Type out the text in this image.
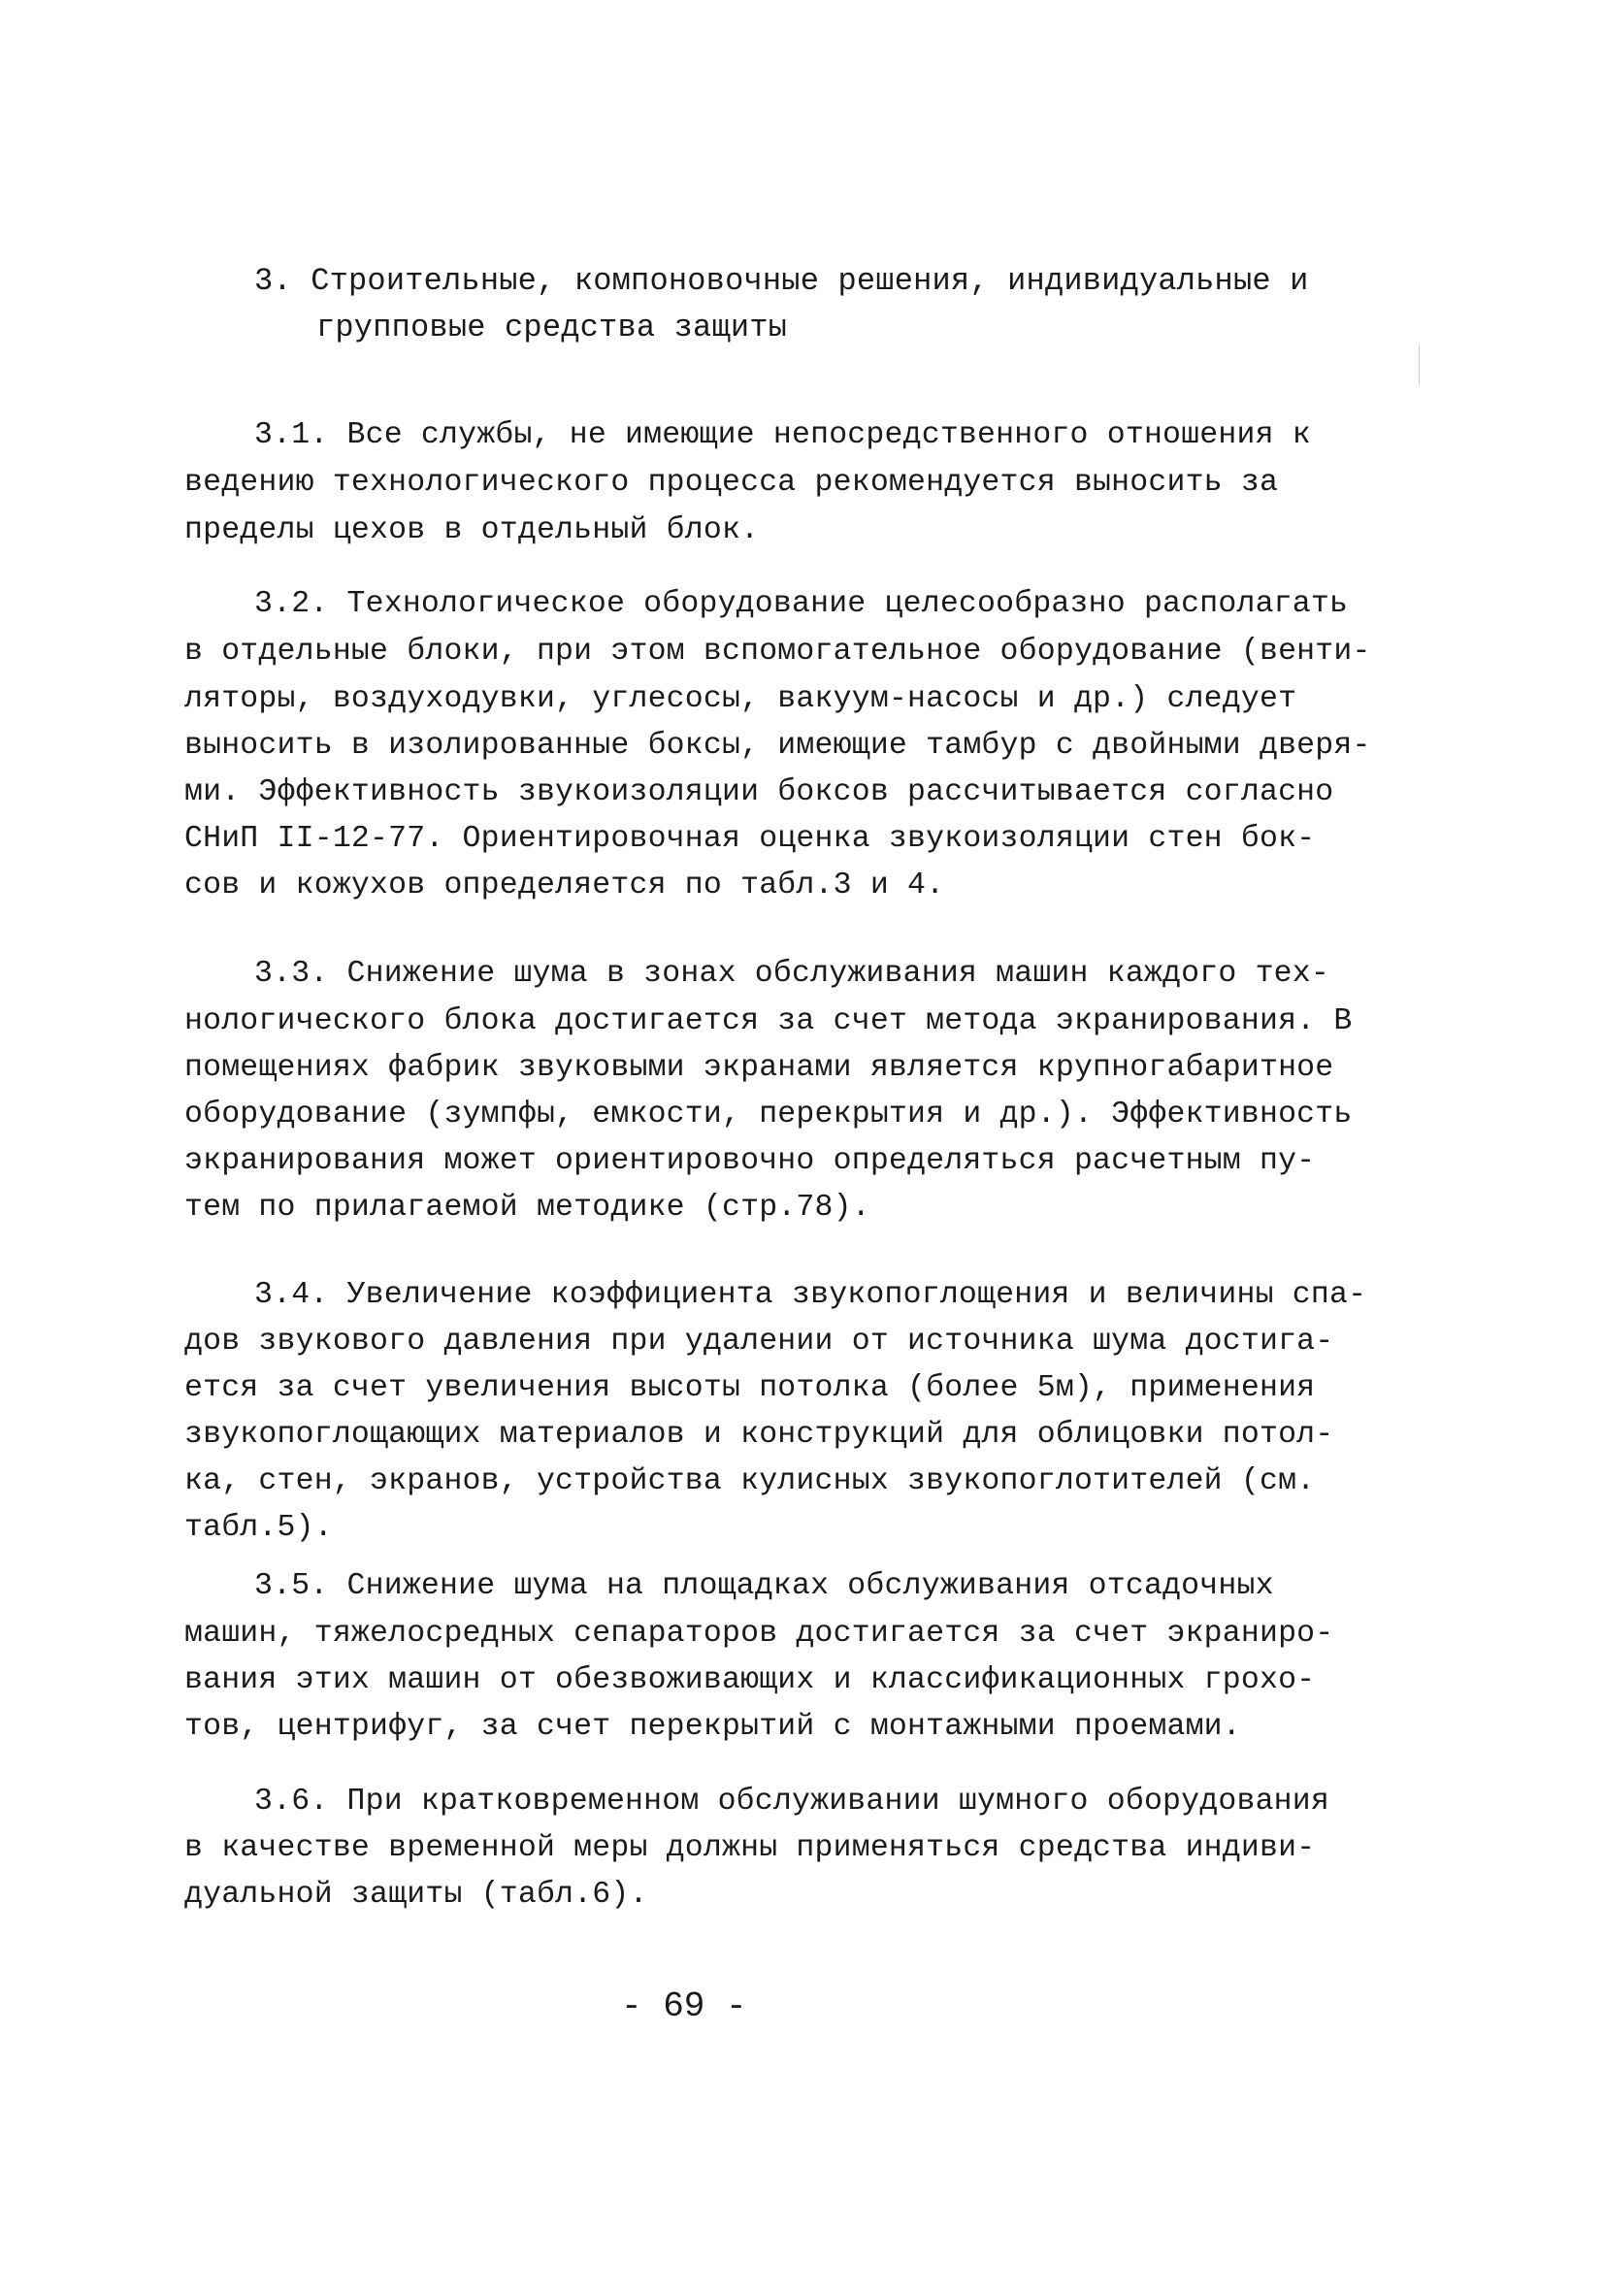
3. Строительные, компоновочные решения, индивидуальные и
групповые средства защиты
3.1. Все службы, не имеющие непосредственного отношения к
ведению технологического процесса рекомендуется выносить за
пределы цехов в отдельный блок.
3.2. Технологическое оборудование целесообразно располагать
в отдельные блоки, при этом вспомогательное оборудование (венти-
ляторы, воздуходувки, углесосы, вакуум-насосы и др.) следует
выносить в изолированные боксы, имеющие тамбур с двойными дверя-
ми. Эффективность звукоизоляции боксов рассчитывается согласно
СНиП II-12-77. Ориентировочная оценка звукоизоляции стен бок-
сов и кожухов определяется по табл.3 и 4.
3.3. Снижение шума в зонах обслуживания машин каждого тех-
нологического блока достигается за счет метода экранирования. В
помещениях фабрик звуковыми экранами является крупногабаритное
оборудование (зумпфы, емкости, перекрытия и др.). Эффективность
экранирования может ориентировочно определяться расчетным пу-
тем по прилагаемой методике (стр.78).
3.4. Увеличение коэффициента звукопоглощения и величины спа-
дов звукового давления при удалении от источника шума достига-
ется за счет увеличения высоты потолка (более 5м), применения
звукопоглощающих материалов и конструкций для облицовки потол-
ка, стен, экранов, устройства кулисных звукопоглотителей (см.
табл.5).
3.5. Снижение шума на площадках обслуживания отсадочных
машин, тяжелосредных сепараторов достигается за счет экраниро-
вания этих машин от обезвоживающих и классификационных грохо-
тов, центрифуг, за счет перекрытий с монтажными проемами.
3.6. При кратковременном обслуживании шумного оборудования
в качестве временной меры должны применяться средства индиви-
дуальной защиты (табл.6).
- 69 -
